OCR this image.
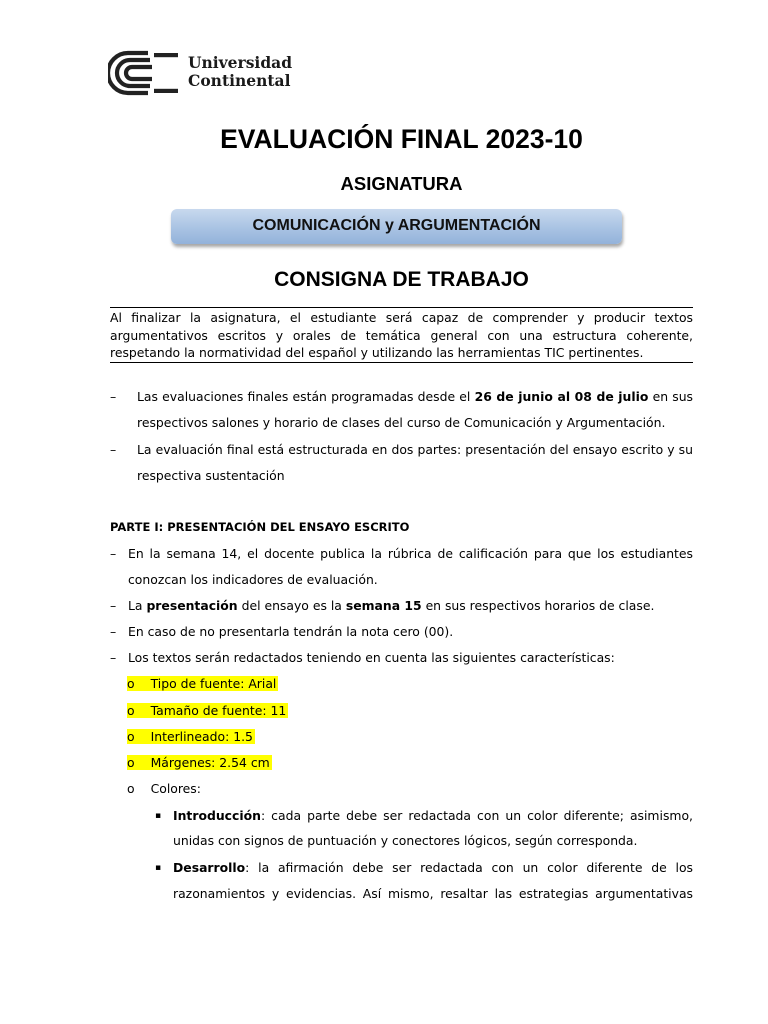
Universidad
Continental
EVALUACIÓN FINAL 2023-10
ASIGNATURA
COMUNICACIÓN y ARGUMENTACIÓN
CONSIGNA DE TRABAJO
Al finalizar la asignatura, el estudiante será capaz de comprender y producir textos argumentativos escritos y orales de temática general con una estructura coherente, respetando la normatividad del español y utilizando las herramientas TIC pertinentes.
– Las evaluaciones finales están programadas desde el 26 de junio al 08 de julio en sus
respectivos salones y horario de clases del curso de Comunicación y Argumentación.
– La evaluación final está estructurada en dos partes: presentación del ensayo escrito y su
respectiva sustentación
PARTE I: PRESENTACIÓN DEL ENSAYO ESCRITO
– En la semana 14, el docente publica la rúbrica de calificación para que los estudiantes
conozcan los indicadores de evaluación.
– La presentación del ensayo es la semana 15 en sus respectivos horarios de clase.
– En caso de no presentarla tendrán la nota cero (00).
– Los textos serán redactados teniendo en cuenta las siguientes características:
o Tipo de fuente: Arial
o Tamaño de fuente: 11
o Interlineado: 1.5
o Márgenes: 2.54 cm
o Colores:
▪ Introducción: cada parte debe ser redactada con un color diferente; asimismo,
unidas con signos de puntuación y conectores lógicos, según corresponda.
▪ Desarrollo: la afirmación debe ser redactada con un color diferente de los
razonamientos y evidencias. Así mismo, resaltar las estrategias argumentativas
